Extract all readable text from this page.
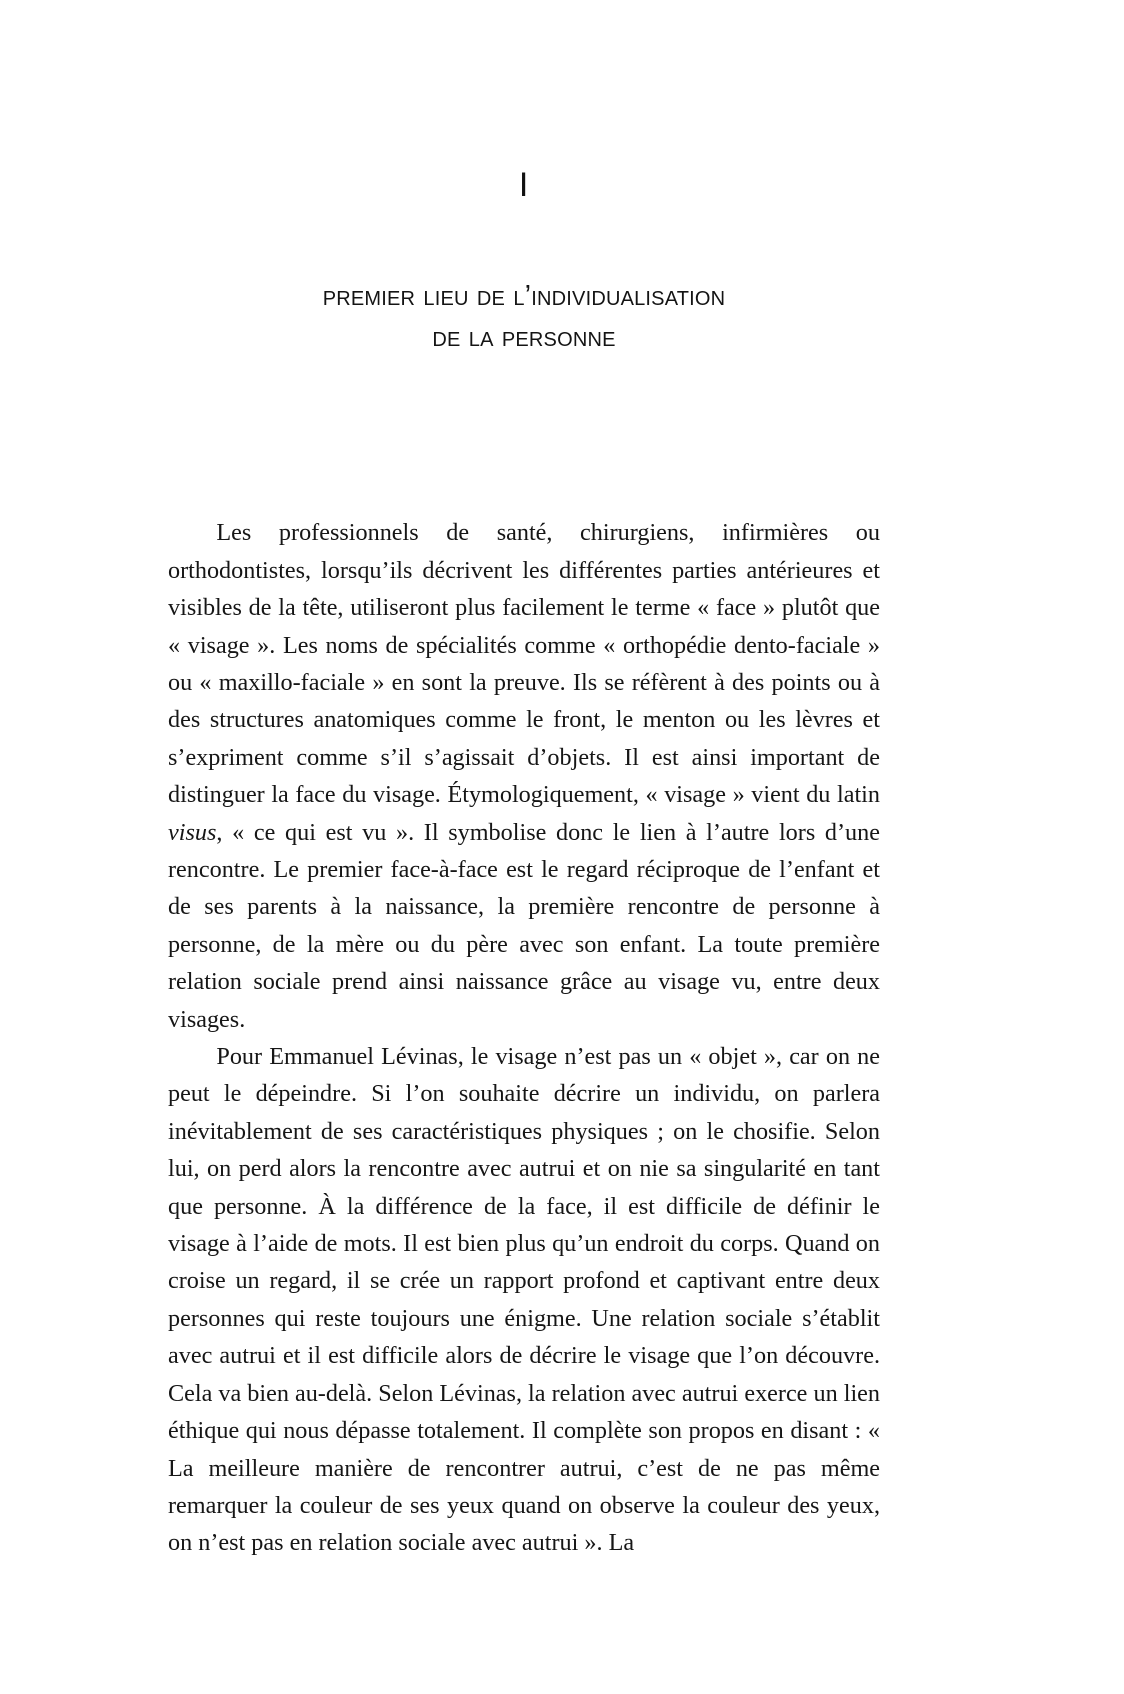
I
premier lieu de l’individualisation
de la personne

Les professionnels de santé, chirurgiens, infirmières ou orthodontistes, lorsqu’ils décrivent les différentes parties antérieures et visibles de la tête, utiliseront plus facilement le terme « face » plutôt que « visage ». Les noms de spécialités comme « orthopédie dento-faciale » ou « maxillo-faciale » en sont la preuve. Ils se réfèrent à des points ou à des structures anatomiques comme le front, le menton ou les lèvres et s’expriment comme s’il s’agissait d’objets. Il est ainsi important de distinguer la face du visage. Étymologiquement, « visage » vient du latin visus, « ce qui est vu ». Il symbolise donc le lien à l’autre lors d’une rencontre. Le premier face-à-face est le regard réciproque de l’enfant et de ses parents à la naissance, la première rencontre de personne à personne, de la mère ou du père avec son enfant. La toute première relation sociale prend ainsi naissance grâce au visage vu, entre deux visages.

Pour Emmanuel Lévinas, le visage n’est pas un « objet », car on ne peut le dépeindre. Si l’on souhaite décrire un individu, on parlera inévitablement de ses caractéristiques physiques ; on le chosifie. Selon lui, on perd alors la rencontre avec autrui et on nie sa singularité en tant que personne. À la différence de la face, il est difficile de définir le visage à l’aide de mots. Il est bien plus qu’un endroit du corps. Quand on croise un regard, il se crée un rapport profond et captivant entre deux personnes qui reste toujours une énigme. Une relation sociale s’établit avec autrui et il est difficile alors de décrire le visage que l’on découvre. Cela va bien au-delà. Selon Lévinas, la relation avec autrui exerce un lien éthique qui nous dépasse totalement. Il complète son propos en disant : « La meilleure manière de rencontrer autrui, c’est de ne pas même remarquer la couleur de ses yeux quand on observe la couleur des yeux, on n’est pas en relation sociale avec autrui ». La
